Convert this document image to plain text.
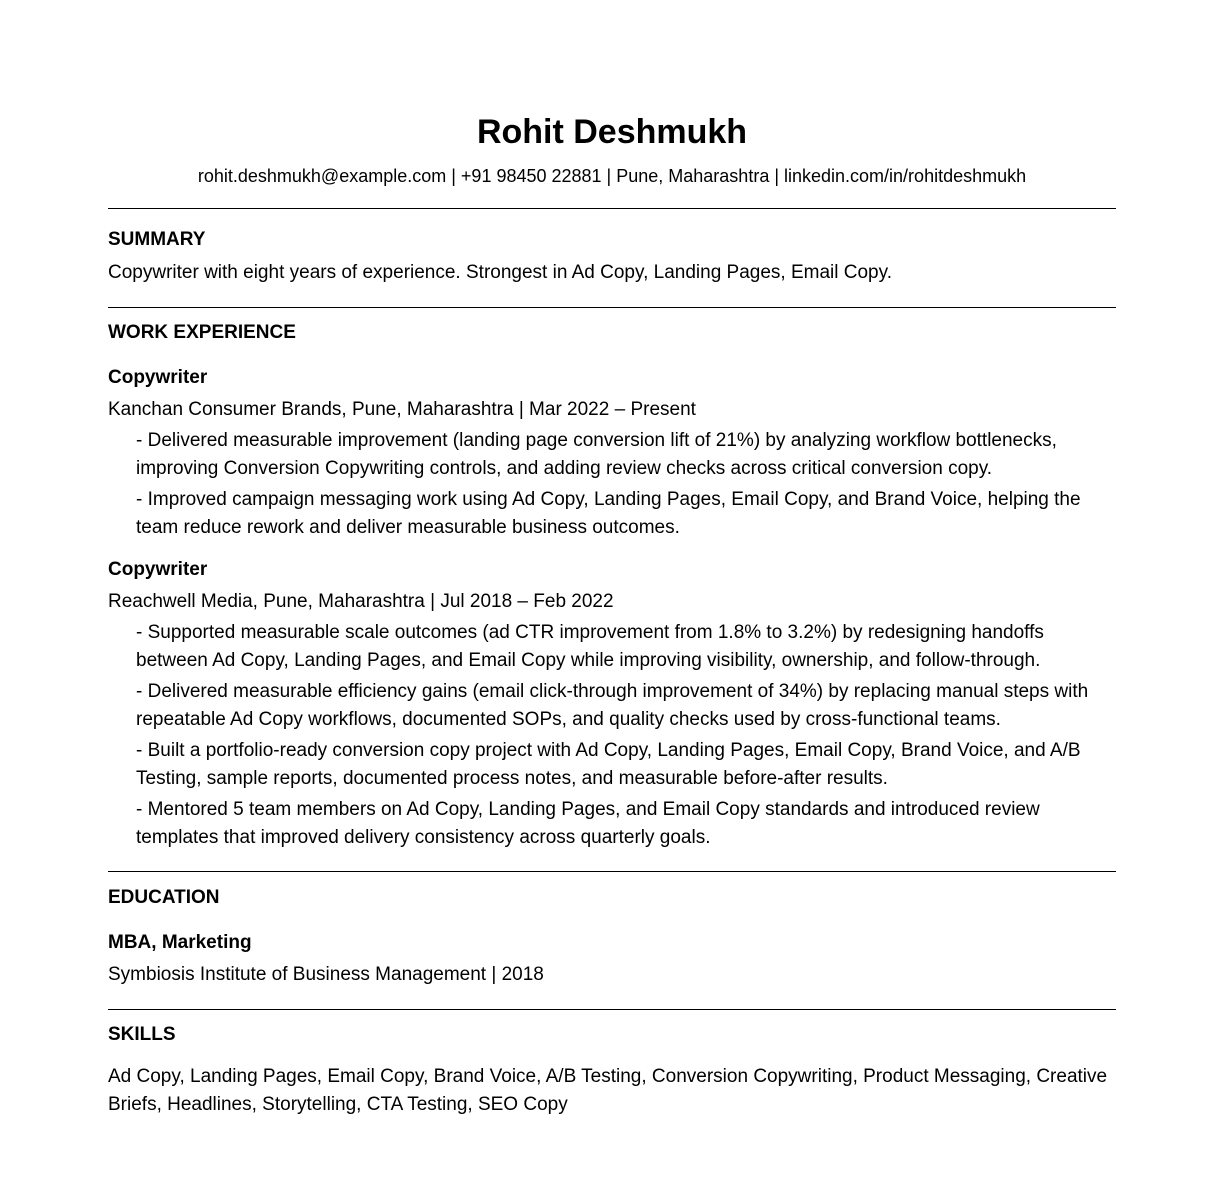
Rohit Deshmukh
rohit.deshmukh@example.com | +91 98450 22881 | Pune, Maharashtra | linkedin.com/in/rohitdeshmukh
SUMMARY
Copywriter with eight years of experience. Strongest in Ad Copy, Landing Pages, Email Copy.
WORK EXPERIENCE
Copywriter
Kanchan Consumer Brands, Pune, Maharashtra | Mar 2022 – Present
- Delivered measurable improvement (landing page conversion lift of 21%) by analyzing workflow bottlenecks, improving Conversion Copywriting controls, and adding review checks across critical conversion copy.
- Improved campaign messaging work using Ad Copy, Landing Pages, Email Copy, and Brand Voice, helping the team reduce rework and deliver measurable business outcomes.
Copywriter
Reachwell Media, Pune, Maharashtra | Jul 2018 – Feb 2022
- Supported measurable scale outcomes (ad CTR improvement from 1.8% to 3.2%) by redesigning handoffs between Ad Copy, Landing Pages, and Email Copy while improving visibility, ownership, and follow-through.
- Delivered measurable efficiency gains (email click-through improvement of 34%) by replacing manual steps with repeatable Ad Copy workflows, documented SOPs, and quality checks used by cross-functional teams.
- Built a portfolio-ready conversion copy project with Ad Copy, Landing Pages, Email Copy, Brand Voice, and A/B Testing, sample reports, documented process notes, and measurable before-after results.
- Mentored 5 team members on Ad Copy, Landing Pages, and Email Copy standards and introduced review templates that improved delivery consistency across quarterly goals.
EDUCATION
MBA, Marketing
Symbiosis Institute of Business Management | 2018
SKILLS
Ad Copy, Landing Pages, Email Copy, Brand Voice, A/B Testing, Conversion Copywriting, Product Messaging, Creative Briefs, Headlines, Storytelling, CTA Testing, SEO Copy
